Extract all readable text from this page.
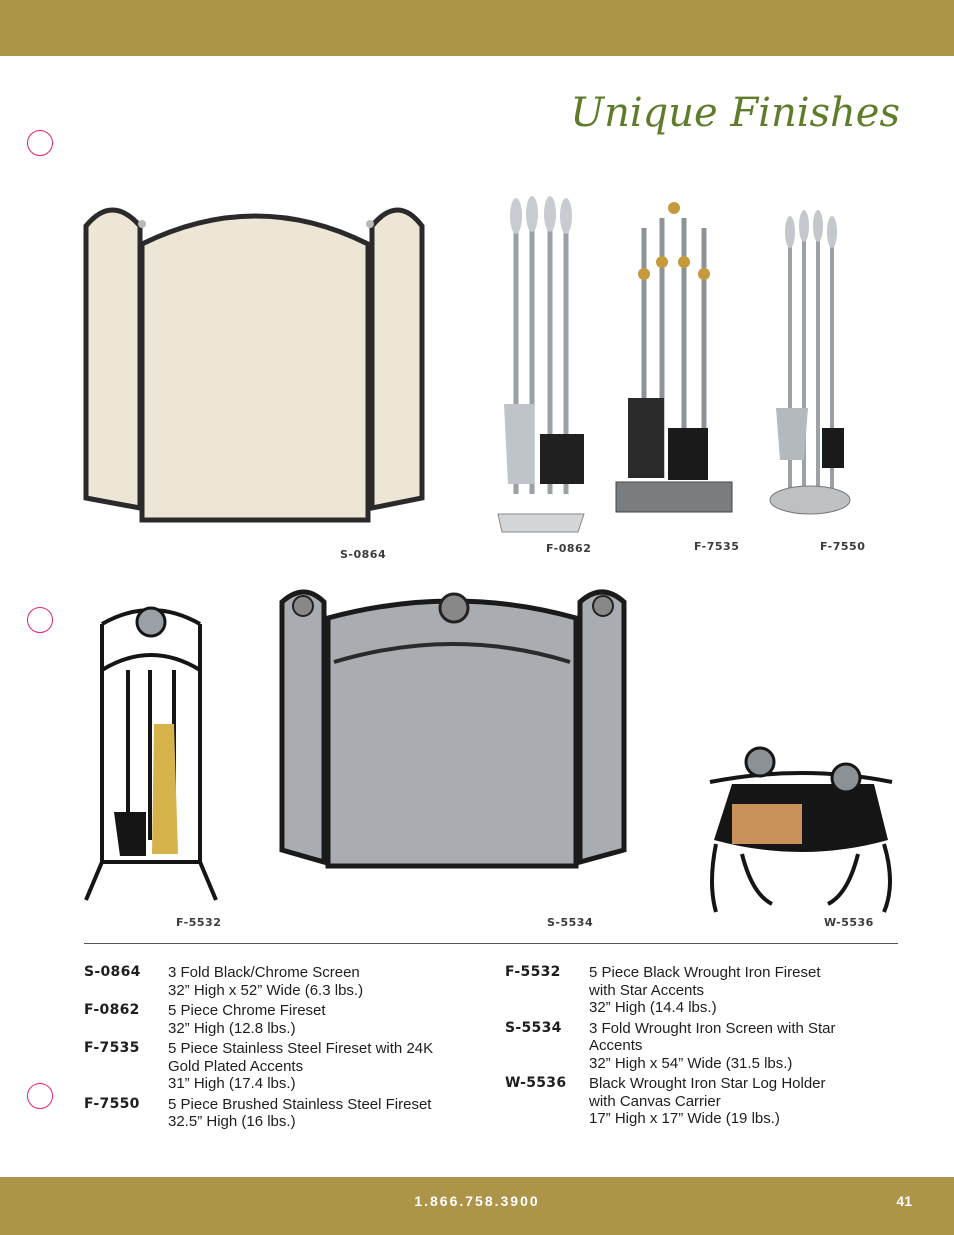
Unique Finishes
S-0864	F-0862	F-7535	F-7550
F-5532	S-5534	W-5536
S-0864	3 Fold Black/Chrome Screen
32” High x 52” Wide (6.3 lbs.)
F-0862	5 Piece Chrome Fireset
32” High (12.8 lbs.)
F-7535	5 Piece Stainless Steel Fireset with 24K
Gold Plated Accents
31” High (17.4 lbs.)
F-7550	5 Piece Brushed Stainless Steel Fireset
32.5” High (16 lbs.)
F-5532	5 Piece Black Wrought Iron Fireset
with Star Accents
32” High (14.4 lbs.)
S-5534	3 Fold Wrought Iron Screen with Star
Accents
32” High x 54” Wide (31.5 lbs.)
W-5536	Black Wrought Iron Star Log Holder
with Canvas Carrier
17” High x 17” Wide (19 lbs.)
1.866.758.3900	41
